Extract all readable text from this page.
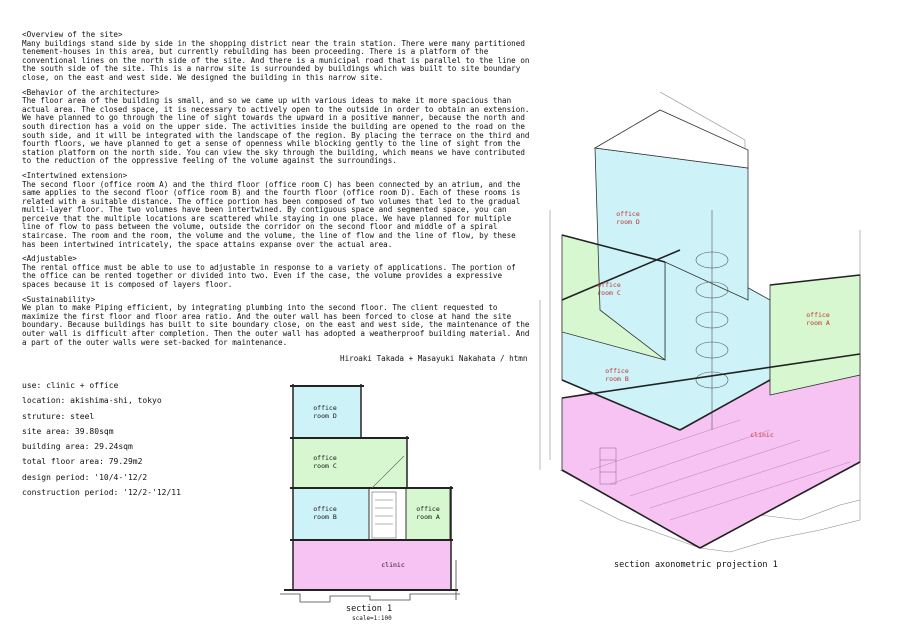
<Overview of the site>

Many buildings stand side by side in the shopping district near the train station. There were many partitioned tenement-houses in this area, but currently rebuilding has been proceeding. There is a platform of the conventional lines on the north side of the site. And there is a municipal road that is parallel to the line on the south side of the site. This is a narrow site is surrounded by buildings which was built to site boundary close, on the east and west side. We designed the building in this narrow site.

<Behavior of the architecture>

The floor area of the building is small, and so we came up with various ideas to make it more spacious than actual area. The closed space, it is necessary to actively open to the outside in order to obtain an extension. We have planned to go through the line of sight towards the upward in a positive manner, because the north and south direction has a void on the upper side. The activities inside the building are opened to the road on the south side, and it will be integrated with the landscape of the region. By placing the terrace on the third and fourth floors, we have planned to get a sense of openness while blocking gently to the line of sight from the station platform on the north side. You can view the sky through the building, which means we have contributed to the reduction of the oppressive feeling of the volume against the surroundings.

<Intertwined extension>

The second floor (office room A) and the third floor (office room C) has been connected by an atrium, and the same applies to the second floor (office room B) and the fourth floor (office room D). Each of these rooms is related with a suitable distance. The office portion has been composed of two volumes that led to the gradual multi-layer floor. The two volumes have been intertwined. By contiguous space and segmented space, you can perceive that the multiple locations are scattered while staying in one place. We have planned for multiple line of flow to pass between the volume, outside the corridor on the second floor and middle of a spiral staircase. The room and the room, the volume and the volume, the line of flow and the line of flow, by these has been intertwined intricately, the space attains expanse over the actual area.

<Adjustable>

The rental office must be able to use to adjustable in response to a variety of applications. The portion of the office can be rented together or divided into two. Even if the case, the volume provides a expressive spaces because it is composed of layers floor.

<Sustainability>

We plan to make Piping efficient, by integrating plumbing into the second floor. The client requested to maximize the first floor and floor area ratio. And the outer wall has been forced to close at hand the site boundary. Because buildings has built to site boundary close, on the east and west side, the maintenance of the outer wall is difficult after completion. Then the outer wall has adopted a weatherproof building material. And a part of the outer walls were set-backed for maintenance.

Hiroaki Takada + Masayuki Nakahata / htmn
use: clinic + office
location: akishima-shi, tokyo
struture: steel
site area: 39.80sqm
building area: 29.24sqm
total floor area: 79.29m2
design period: '10/4-'12/2
construction period: '12/2-'12/11
office
room D
office
room C
office
room B
office
room A
clinic
section 1
scale=1:100
office
room D
office
room C
office
room A
office
room B
clinic
section axonometric projection 1
